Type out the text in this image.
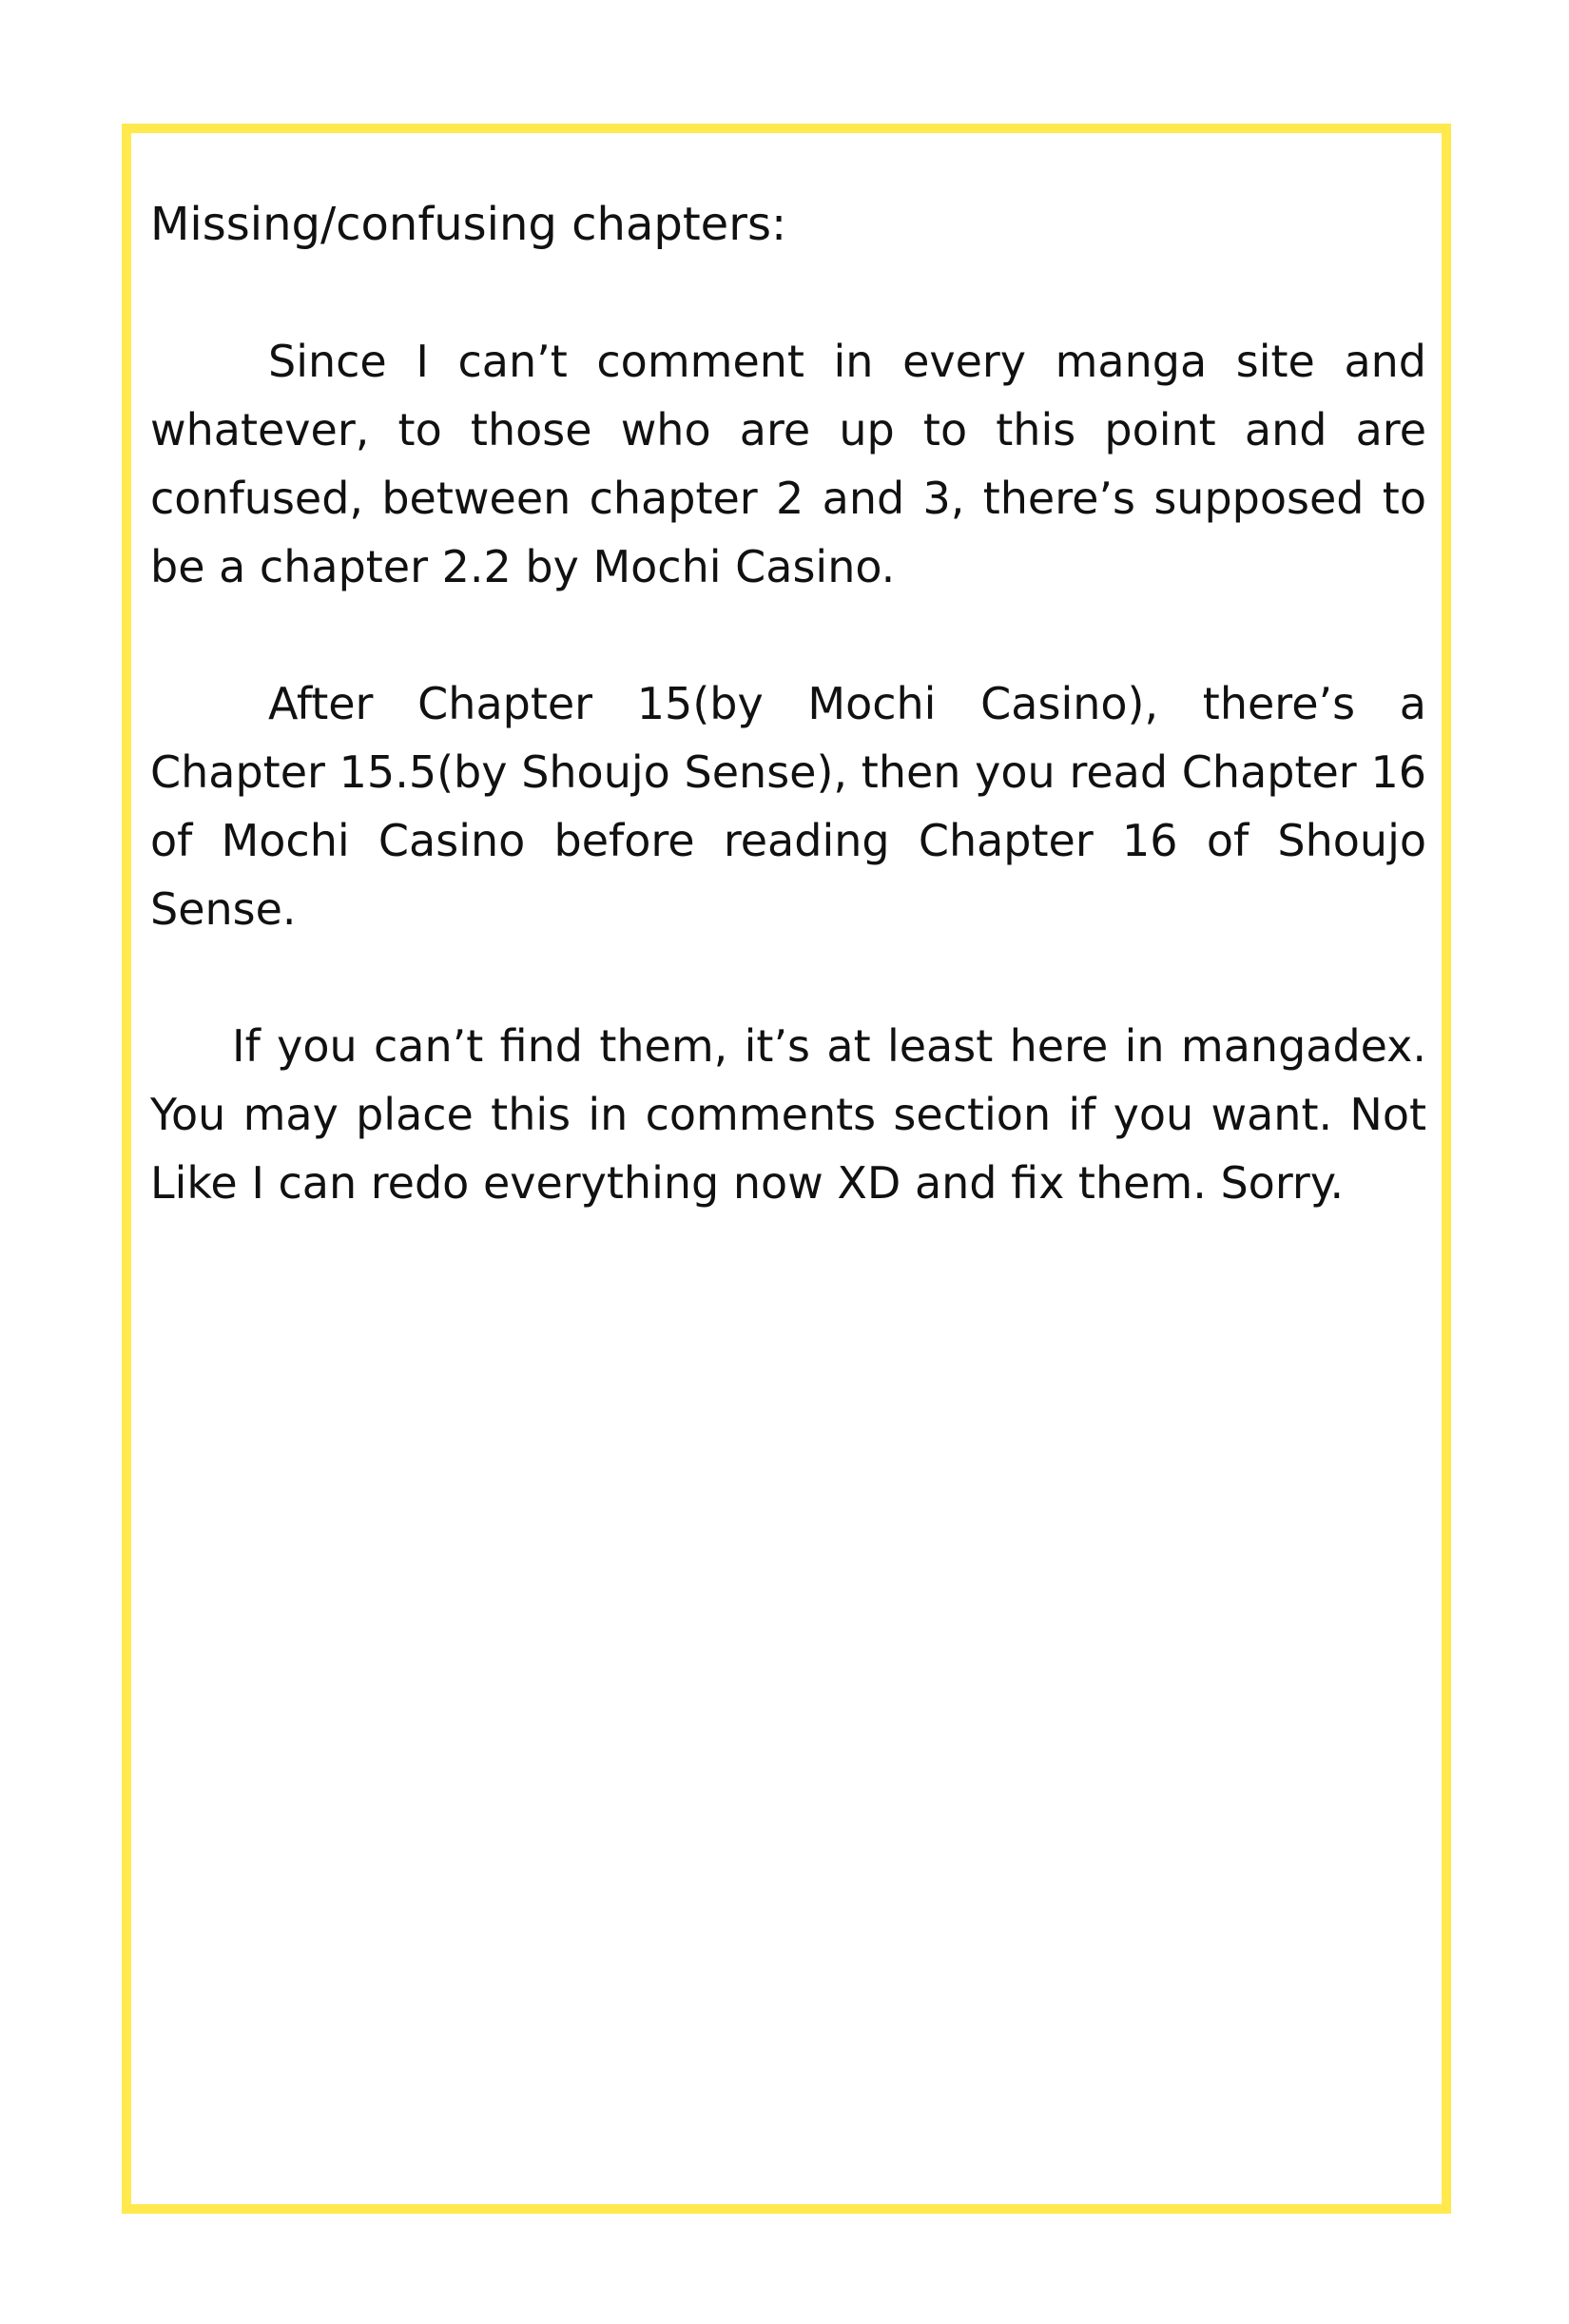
Missing/confusing chapters:

Since I can’t comment in every manga site and whatever, to those who are up to this point and are confused, between chapter 2 and 3, there’s supposed to be a chapter 2.2 by Mochi Casino.

After Chapter 15(by Mochi Casino), there’s a Chapter 15.5(by Shoujo Sense), then you read Chapter 16 of Mochi Casino before reading Chapter 16 of Shoujo Sense.

If you can’t find them, it’s at least here in mangadex. You may place this in comments section if you want. Not Like I can redo everything now XD and fix them. Sorry.
